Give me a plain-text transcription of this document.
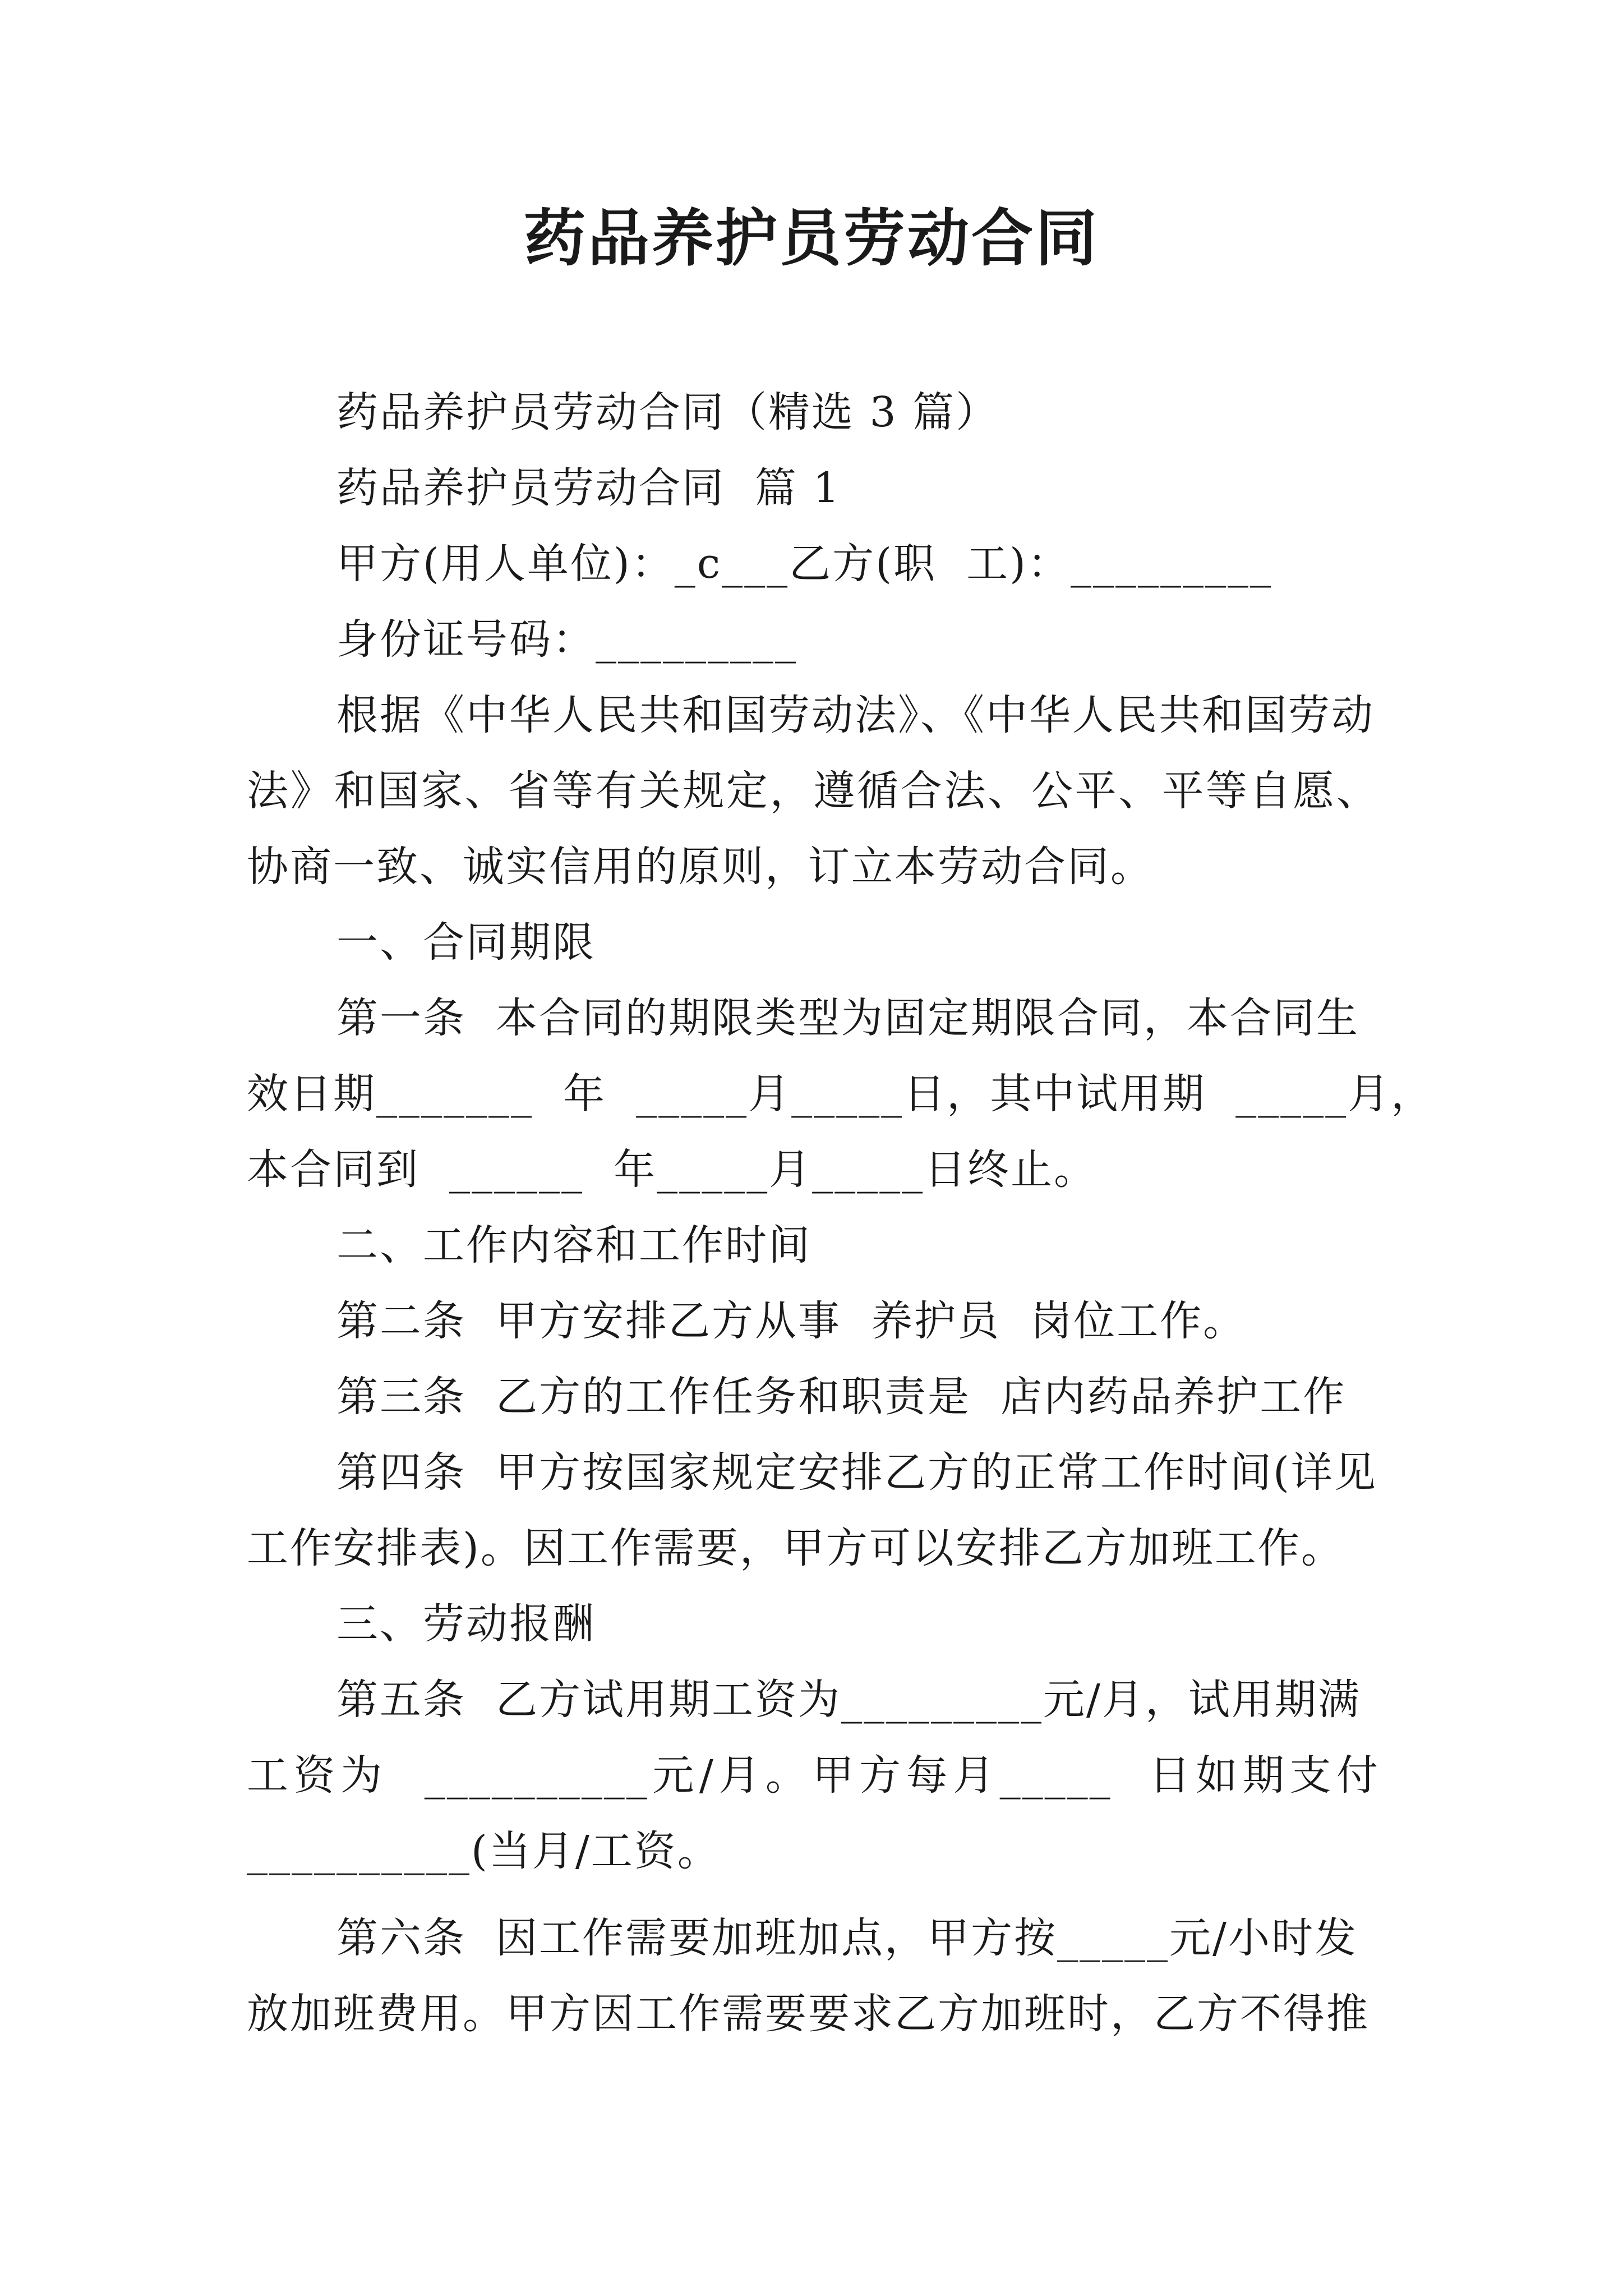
药品养护员劳动合同
药品养护员劳动合同（精选 3 篇）
药品养护员劳动合同  篇 1
甲方(用人单位)：_c___乙方(职  工)：_________
身份证号码：_________
根据《中华人民共和国劳动法》、《中华人民共和国劳动
法》和国家、省等有关规定，遵循合法、公平、平等自愿、
协商一致、诚实信用的原则，订立本劳动合同。
一、合同期限
第一条  本合同的期限类型为固定期限合同，本合同生
效日期_______  年  _____月_____日，其中试用期  _____月，
本合同到  ______  年_____月_____日终止。
二、工作内容和工作时间
第二条  甲方安排乙方从事  养护员  岗位工作。
第三条  乙方的工作任务和职责是  店内药品养护工作
第四条  甲方按国家规定安排乙方的正常工作时间(详见
工作安排表)。因工作需要，甲方可以安排乙方加班工作。
三、劳动报酬
第五条  乙方试用期工资为_________元/月，试用期满
工资为  __________元/月。甲方每月_____  日如期支付
__________(当月/工资。
第六条  因工作需要加班加点，甲方按_____元/小时发
放加班费用。甲方因工作需要要求乙方加班时，乙方不得推
